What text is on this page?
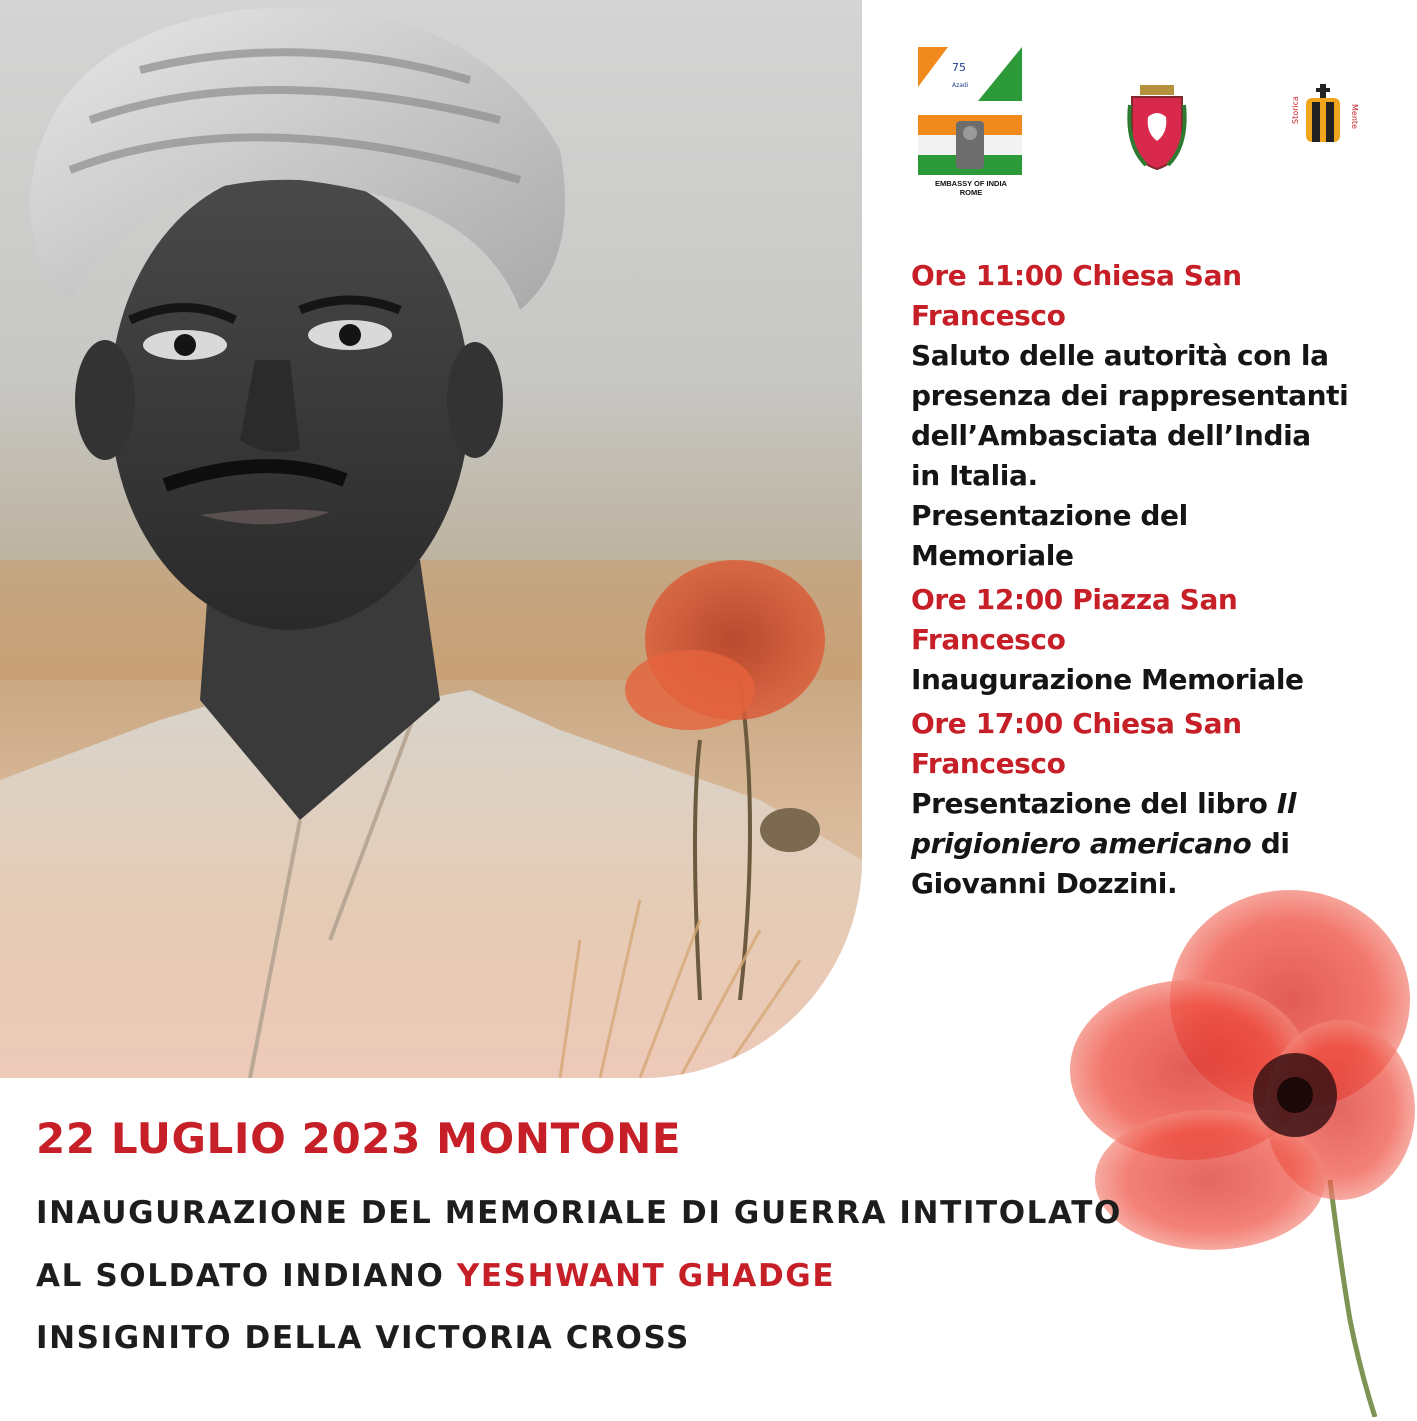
75
Azadi
EMBASSY OF INDIA
ROME
Storica	Mente

Ore 11:00 Chiesa San

Francesco

Saluto delle autorità con la

presenza dei rappresentanti

dell’Ambasciata dell’India

in Italia.

Presentazione del

Memoriale

Ore 12:00 Piazza San

Francesco

Inaugurazione Memoriale

Ore 17:00 Chiesa San

Francesco

Presentazione del libro Il

prigioniero americano di

Giovanni Dozzini.

22 LUGLIO 2023 MONTONE

INAUGURAZIONE DEL MEMORIALE DI GUERRA INTITOLATO

AL SOLDATO INDIANO YESHWANT GHADGE

INSIGNITO DELLA VICTORIA CROSS
